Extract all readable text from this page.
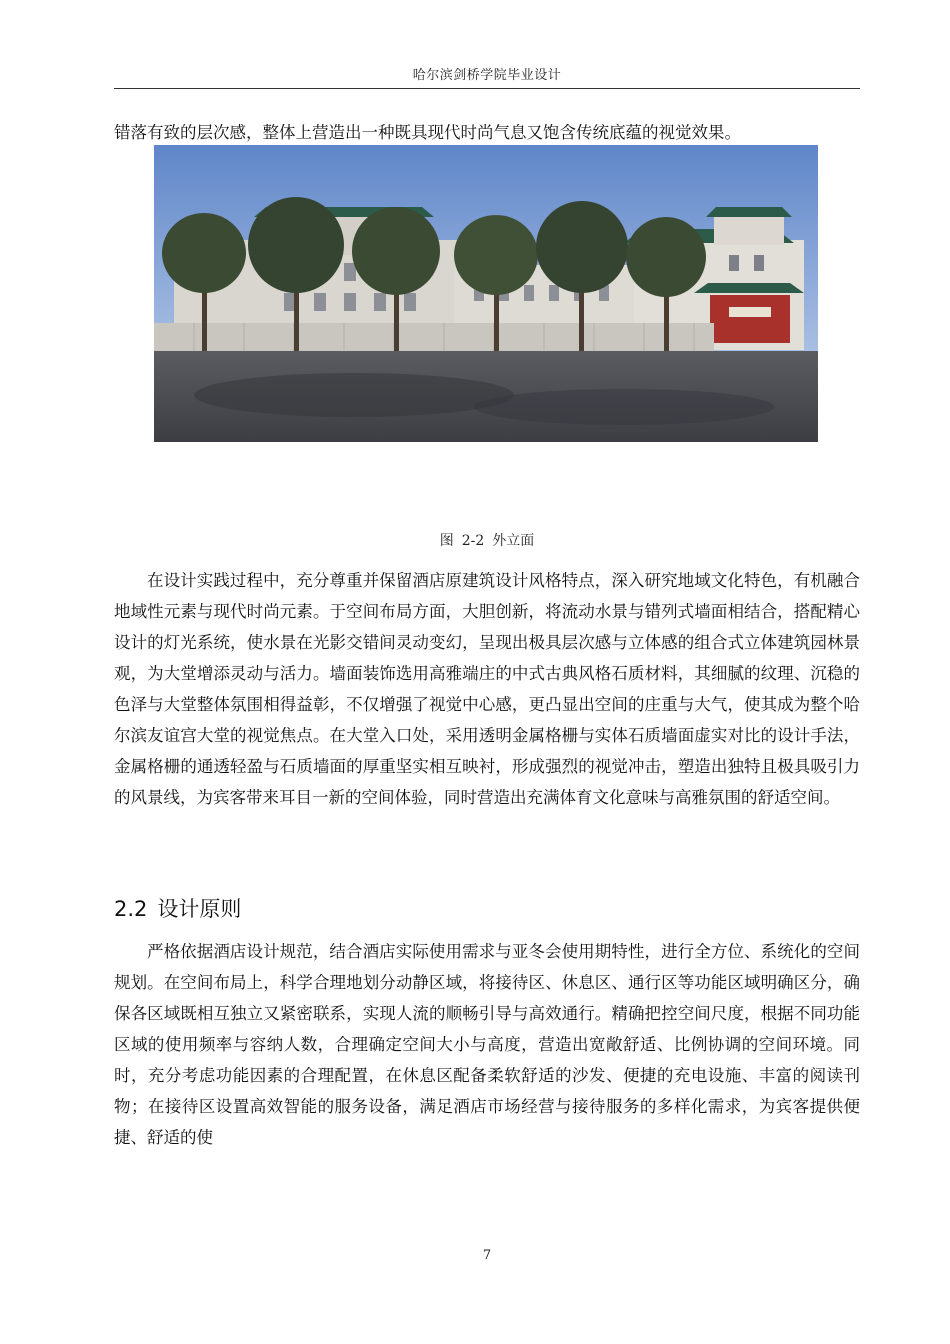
哈尔滨剑桥学院毕业设计

错落有致的层次感，整体上营造出一种既具现代时尚气息又饱含传统底蕴的视觉效果。

图 2-2 外立面

在设计实践过程中，充分尊重并保留酒店原建筑设计风格特点，深入研究地域文化特色，有机融合地域性元素与现代时尚元素。于空间布局方面，大胆创新，将流动水景与错列式墙面相结合，搭配精心设计的灯光系统，使水景在光影交错间灵动变幻，呈现出极具层次感与立体感的组合式立体建筑园林景观，为大堂增添灵动与活力。墙面装饰选用高雅端庄的中式古典风格石质材料，其细腻的纹理、沉稳的色泽与大堂整体氛围相得益彰，不仅增强了视觉中心感，更凸显出空间的庄重与大气，使其成为整个哈尔滨友谊宫大堂的视觉焦点。在大堂入口处，采用透明金属格栅与实体石质墙面虚实对比的设计手法，金属格栅的通透轻盈与石质墙面的厚重坚实相互映衬，形成强烈的视觉冲击，塑造出独特且极具吸引力的风景线，为宾客带来耳目一新的空间体验，同时营造出充满体育文化意味与高雅氛围的舒适空间。

2.2 设计原则

严格依据酒店设计规范，结合酒店实际使用需求与亚冬会使用期特性，进行全方位、系统化的空间规划。在空间布局上，科学合理地划分动静区域，将接待区、休息区、通行区等功能区域明确区分，确保各区域既相互独立又紧密联系，实现人流的顺畅引导与高效通行。精确把控空间尺度，根据不同功能区域的使用频率与容纳人数，合理确定空间大小与高度，营造出宽敞舒适、比例协调的空间环境。同时，充分考虑功能因素的合理配置，在休息区配备柔软舒适的沙发、便捷的充电设施、丰富的阅读刊物；在接待区设置高效智能的服务设备，满足酒店市场经营与接待服务的多样化需求，为宾客提供便捷、舒适的使

7
